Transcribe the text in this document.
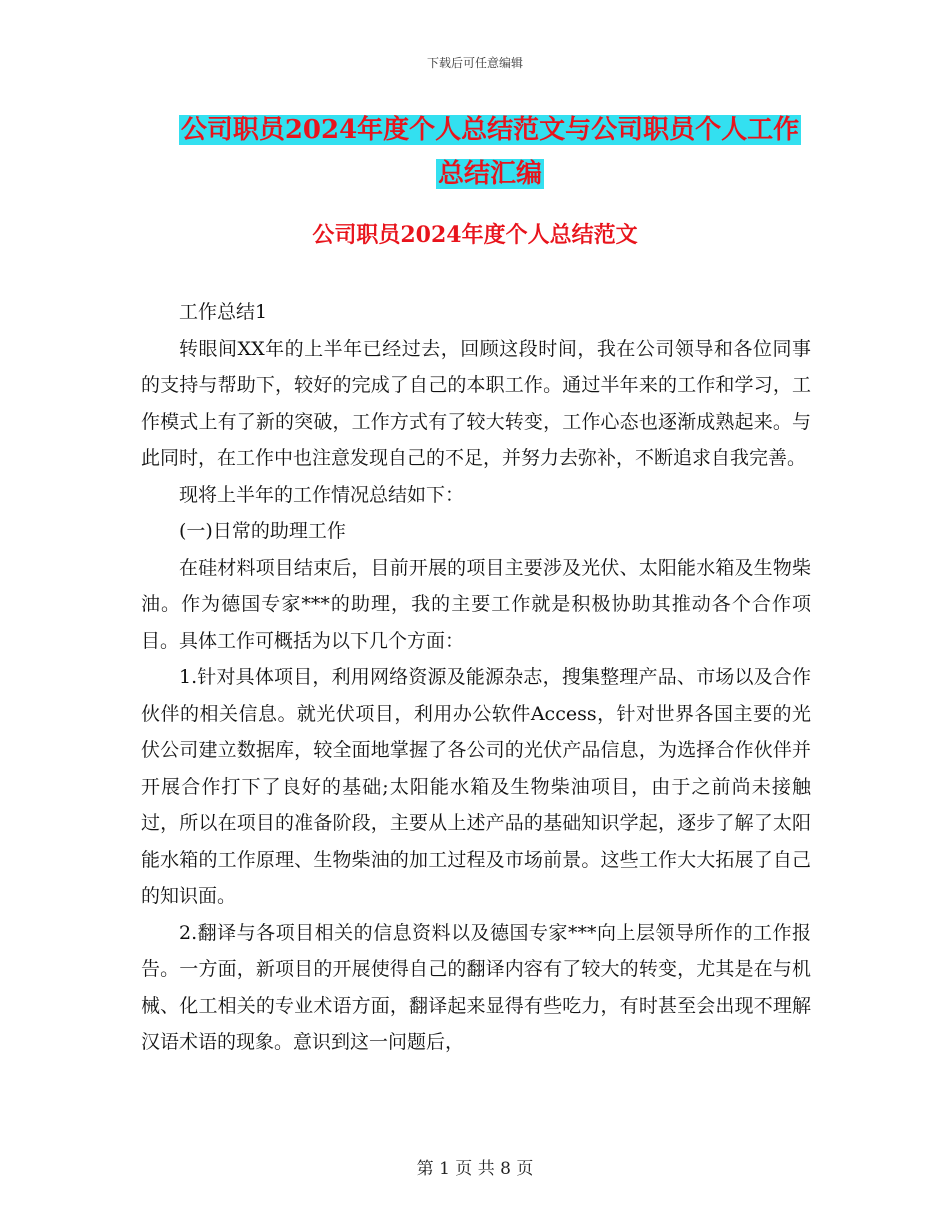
下载后可任意编辑
公司职员2024年度个人总结范文与公司职员个人工作
总结汇编
公司职员2024年度个人总结范文

工作总结1

转眼间XX年的上半年已经过去，回顾这段时间，我在公司领导和各位同事的支持与帮助下，较好的完成了自己的本职工作。通过半年来的工作和学习，工作模式上有了新的突破，工作方式有了较大转变，工作心态也逐渐成熟起来。与此同时，在工作中也注意发现自己的不足，并努力去弥补，不断追求自我完善。

现将上半年的工作情况总结如下：

(一)日常的助理工作

在硅材料项目结束后，目前开展的项目主要涉及光伏、太阳能水箱及生物柴油。作为德国专家***的助理，我的主要工作就是积极协助其推动各个合作项目。具体工作可概括为以下几个方面：

1.针对具体项目，利用网络资源及能源杂志，搜集整理产品、市场以及合作伙伴的相关信息。就光伏项目，利用办公软件Access，针对世界各国主要的光伏公司建立数据库，较全面地掌握了各公司的光伏产品信息，为选择合作伙伴并开展合作打下了良好的基础;太阳能水箱及生物柴油项目，由于之前尚未接触过，所以在项目的准备阶段，主要从上述产品的基础知识学起，逐步了解了太阳能水箱的工作原理、生物柴油的加工过程及市场前景。这些工作大大拓展了自己的知识面。

2.翻译与各项目相关的信息资料以及德国专家***向上层领导所作的工作报告。一方面，新项目的开展使得自己的翻译内容有了较大的转变，尤其是在与机械、化工相关的专业术语方面，翻译起来显得有些吃力，有时甚至会出现不理解汉语术语的现象。意识到这一问题后，

第 1 页 共 8 页
